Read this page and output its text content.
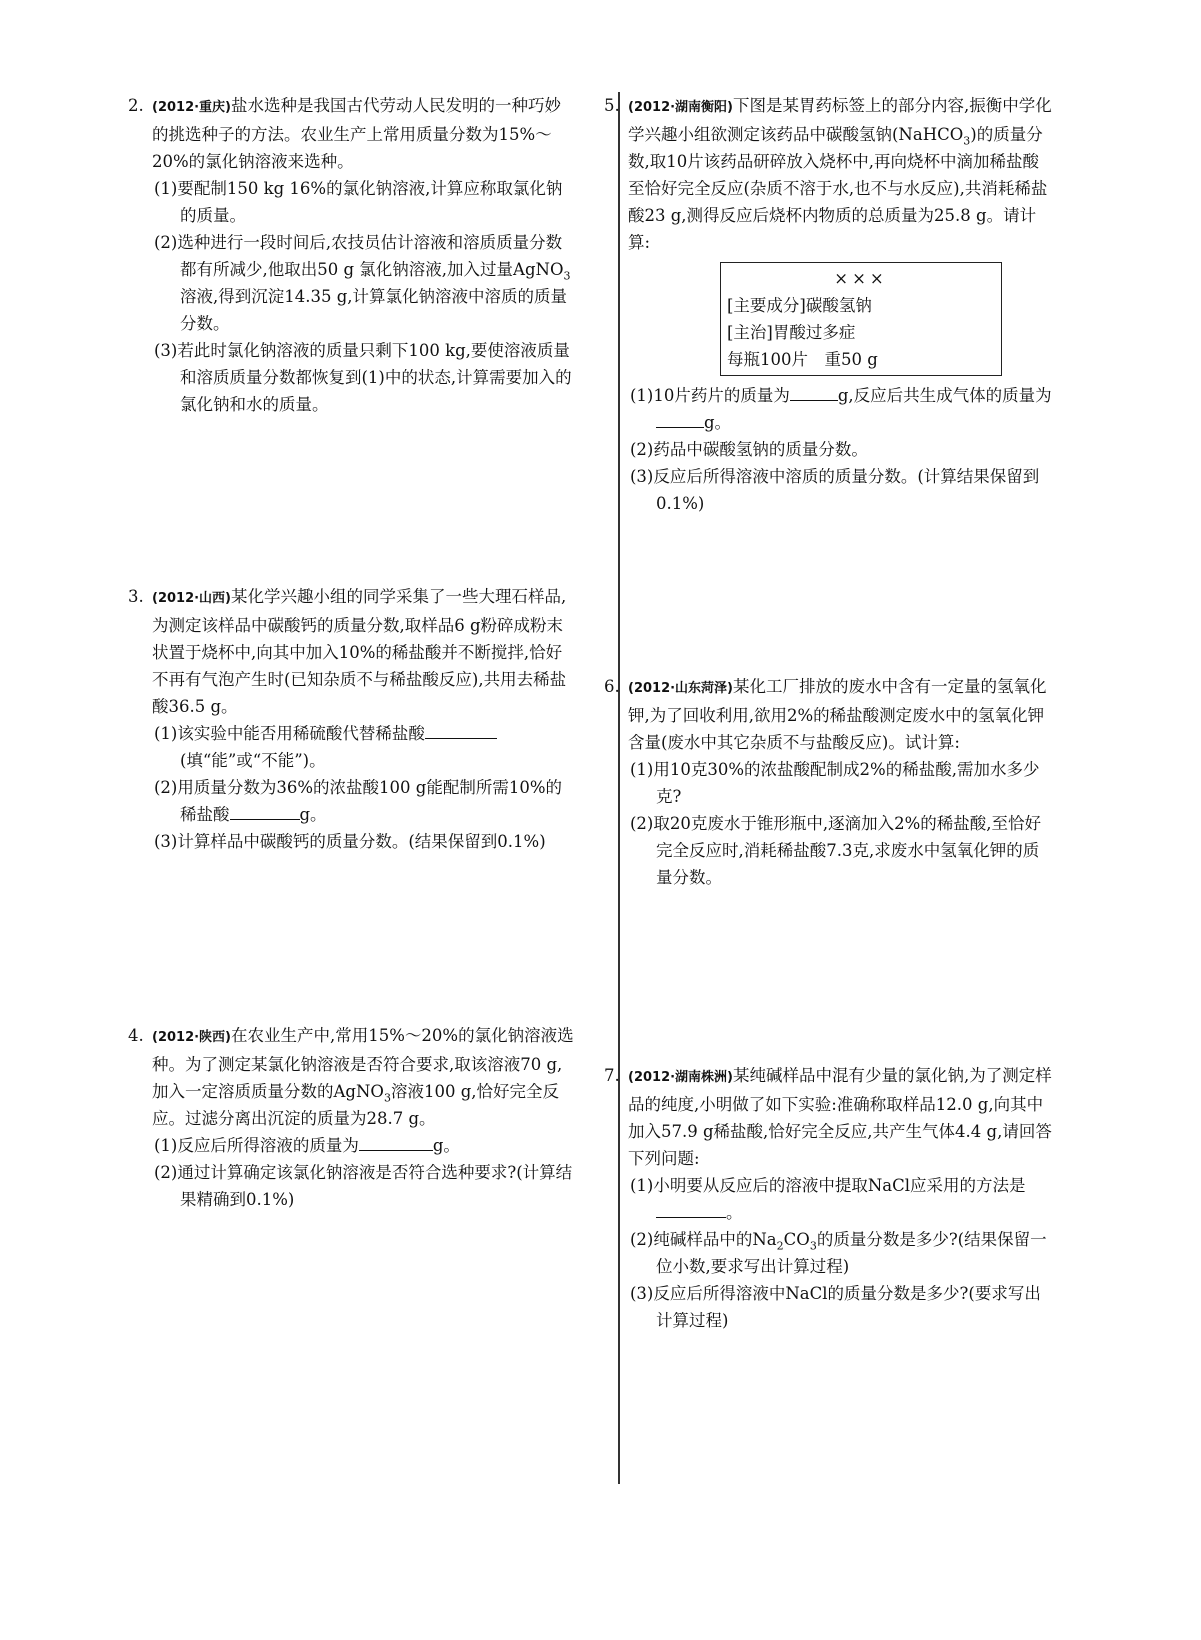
2. (2012·重庆)盐水选种是我国古代劳动人民发明的一种巧妙的挑选种子的方法。农业生产上常用质量分数为15%～20%的氯化钠溶液来选种。
(1)要配制150 kg 16%的氯化钠溶液,计算应称取氯化钠的质量。
(2)选种进行一段时间后,农技员估计溶液和溶质质量分数都有所减少,他取出50 g 氯化钠溶液,加入过量AgNO$_3$溶液,得到沉淀14.35 g,计算氯化钠溶液中溶质的质量分数。
(3)若此时氯化钠溶液的质量只剩下100 kg,要使溶液质量和溶质质量分数都恢复到(1)中的状态,计算需要加入的氯化钠和水的质量。
3. (2012·山西)某化学兴趣小组的同学采集了一些大理石样品,为测定该样品中碳酸钙的质量分数,取样品6 g粉碎成粉末状置于烧杯中,向其中加入10%的稀盐酸并不断搅拌,恰好不再有气泡产生时(已知杂质不与稀盐酸反应),共用去稀盐酸36.5 g。
(1)该实验中能否用稀硫酸代替稀盐酸(填“能”或“不能”)。
(2)用质量分数为36%的浓盐酸100 g能配制所需10%的稀盐酸	g。
(3)计算样品中碳酸钙的质量分数。(结果保留到0.1%)
4. (2012·陕西)在农业生产中,常用15%～20%的氯化钠溶液选种。为了测定某氯化钠溶液是否符合要求,取该溶液70 g,加入一定溶质质量分数的AgNO$_3$溶液100 g,恰好完全反应。过滤分离出沉淀的质量为28.7 g。
(1)反应后所得溶液的质量为	g。
(2)通过计算确定该氯化钠溶液是否符合选种要求?(计算结果精确到0.1%)
5. (2012·湖南衡阳)下图是某胃药标签上的部分内容,振衡中学化学兴趣小组欲测定该药品中碳酸氢钠(NaHCO$_3$)的质量分数,取10片该药品研碎放入烧杯中,再向烧杯中滴加稀盐酸至恰好完全反应(杂质不溶于水,也不与水反应),共消耗稀盐酸23 g,测得反应后烧杯内物质的总质量为25.8 g。请计算:
×××
[主要成分]碳酸氢钠
[主治]胃酸过多症
每瓶100片　重50 g
(1)10片药片的质量为	g,反应后共生成气体的质量为g。
(2)药品中碳酸氢钠的质量分数。
(3)反应后所得溶液中溶质的质量分数。(计算结果保留到0.1%)
6. (2012·山东菏泽)某化工厂排放的废水中含有一定量的氢氧化钾,为了回收利用,欲用2%的稀盐酸测定废水中的氢氧化钾含量(废水中其它杂质不与盐酸反应)。试计算:
(1)用10克30%的浓盐酸配制成2%的稀盐酸,需加水多少克?
(2)取20克废水于锥形瓶中,逐滴加入2%的稀盐酸,至恰好完全反应时,消耗稀盐酸7.3克,求废水中氢氧化钾的质量分数。
7. (2012·湖南株洲)某纯碱样品中混有少量的氯化钠,为了测定样品的纯度,小明做了如下实验:准确称取样品12.0 g,向其中加入57.9 g稀盐酸,恰好完全反应,共产生气体4.4 g,请回答下列问题:
(1)小明要从反应后的溶液中提取NaCl应采用的方法是。
(2)纯碱样品中的$Na_2CO_3$的质量分数是多少?(结果保留一位小数,要求写出计算过程)
(3)反应后所得溶液中NaCl的质量分数是多少?(要求写出计算过程)
